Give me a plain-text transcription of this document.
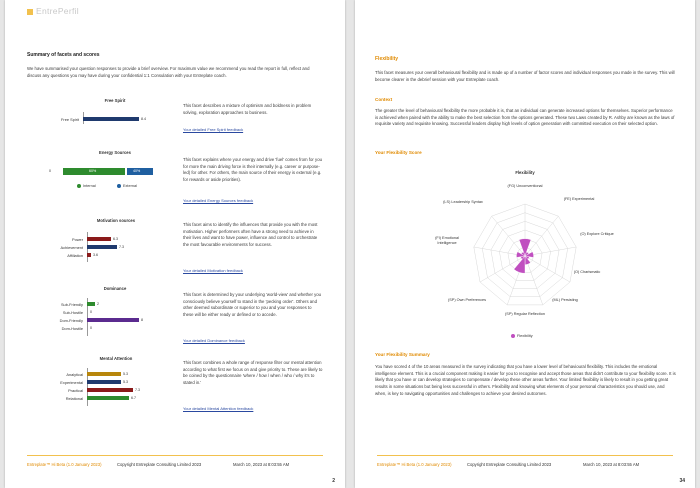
EntrePerfil
Summary of facets and scores
We have summarised your question responses to provide a brief overview. For maximum value we recommend you read the report in full, reflect and discuss any questions you may have during your confidential 1:1 Consulation with your Entreplate coach.
Free Spirit
Free Spirit	8.4
This facet describes a mixture of optimism and boldness in problem solving, exploration approaches to business.
Your detailed Free Spirit feedback
Energy Sources
0	60%	40%
Internal	External
This facet explains where your energy and drive 'fuel' comes from for you for more the main driving force is their internally (e.g. career or purpose-led) for other. For others, the main source of their energy is external (e.g. for rewards or aside priorities).
Your detailed Energy Sources feedback
Motivation sources
Power	6.3
Achievement	7.3
Affiliation	3.6
This facet aims to identify the influences that provide you with the most motivation. Higher performers often have a strong need to achieve in their lives and want to have power, influence and control to orchestrate the most favourable environments for success.
Your detailed Motivation feedback
Dominance
Sub-Friendly	2
Sub-Hostile 0
Dom-Friendly	8
Dom-Hostile 0
This facet is determined by your underlying 'world-view' and whether you consciously believe yourself to stand in the 'pecking order'. Others and other deemed subordinate or superior to you and your responses to these will be either ready or defined or to accede.
Your detailed Dominance feedback
Mental Attention
Analytical	5.3
Experimental	5.3
Practical	7.3
Relational	6.7
This facet combines a whole range of response filter our mental attention according to what first we focus on and give priority to. These are likely to be coined by the questionnaire 'where / how / when / who / why it's to stated in.'
Your detailed Mental Attention feedback
Entreplate™ Hi Beta (1.0 January 2023)	Copyright Entreplate Consulting Limited 2023	March 10, 2023 at 8:03:55 AM
2
Flexibility
This facet measures your overall behavioural flexibility and is made up of a number of factor scores and individual responses you made in the survey. This will become clearer in the debrief session with your Entreplate coach.
Context
The greater the level of behavioural flexibility the more probable it is, that an individual can generate increased options for themselves. Superior performance is achieved when paired with the ability to make the best selection from the options generated. These two Laws created by R. Ashby are known as the laws of requisite variety and requisite knowing. Successful leaders display high levels of option generation with committed execution on their selected option.
Your Flexibility Score
Flexibility
(FG) Unconventional
(FE) Experimental
(O) Explore Critique
(O) Charismatic
(ML) Persisting
(SP) Regular Reflection
(SP) Own Preferences
(FI) Emotional Intelligence
(LS) Leadership Syntax
Flexibility
Your Flexibility Summary
You have scored 4 of the 10 areas measured in the survey indicating that you have a lower level of behavioural flexibility. This includes the emotional intelligence element. This is a crucial component making it easier for you to recognise and accept those areas that didn't contribute to your flexibility score. It is likely that you have or can develop strategies to compensate / develop these other areas further. Your limited flexibility is likely to result in you getting great results in some situations but being less successful in others. Flexibility and knowing what elements of your personal characteristics you should use, and when, is key to navigating opportunities and challenges to achieve your desired outcomes.
Entreplate™ Hi Beta (1.0 January 2023)	Copyright Entreplate Consulting Limited 2023	March 10, 2023 at 8:03:55 AM
34
